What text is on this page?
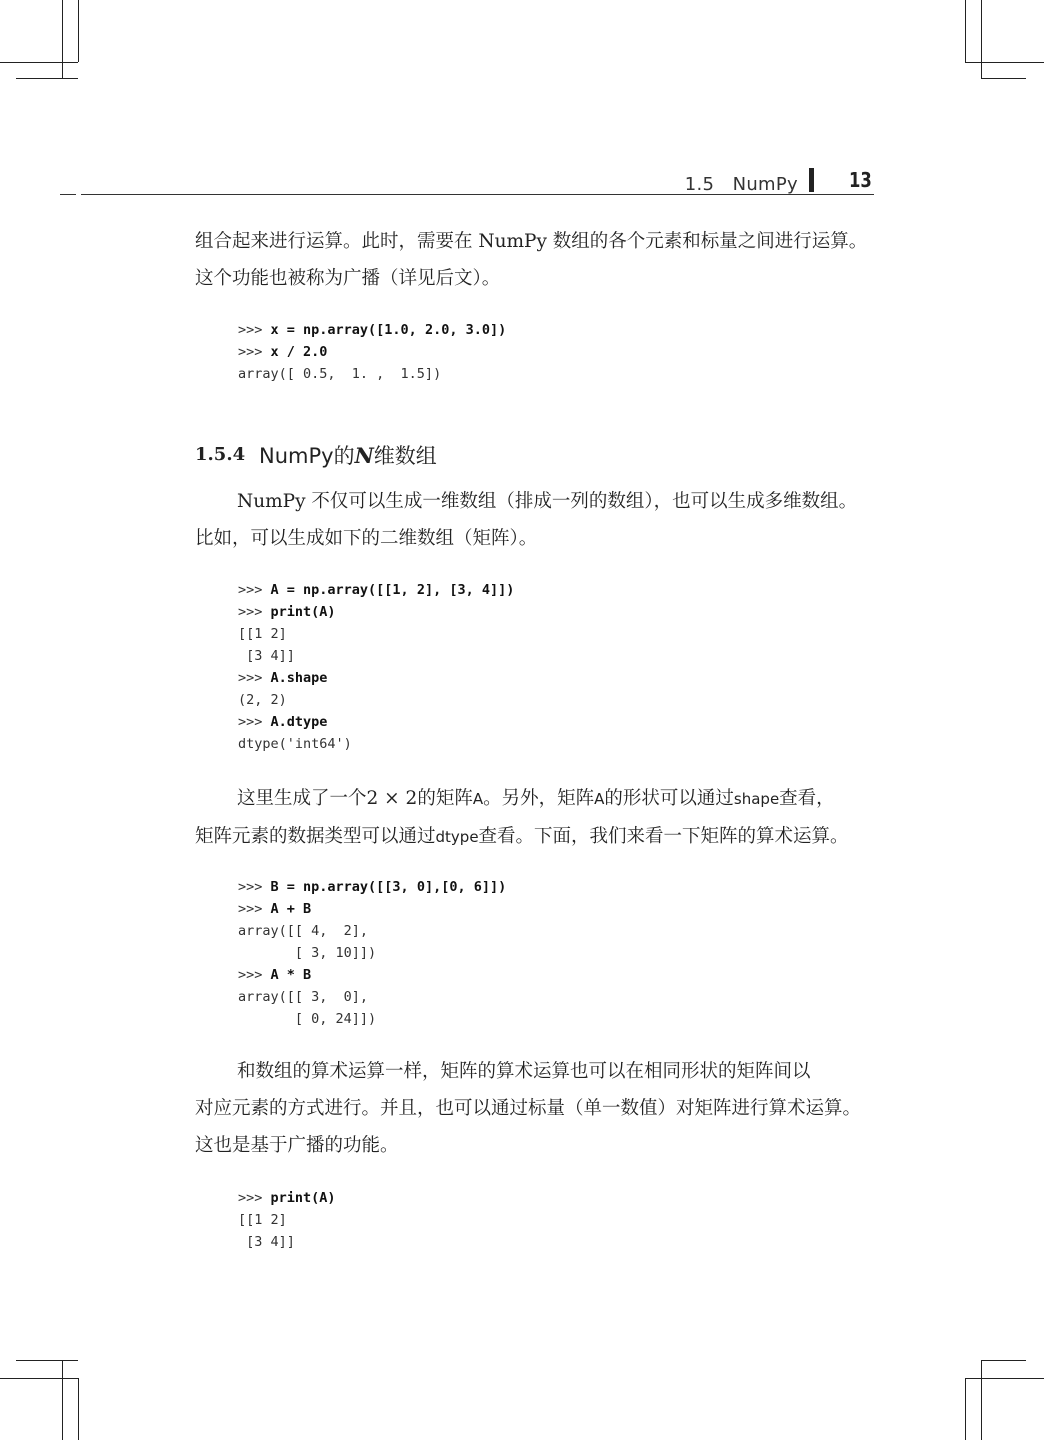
1.5　NumPy	13
组合起来进行运算。此时，需要在 NumPy 数组的各个元素和标量之间进行运算。
这个功能也被称为广播（详见后文）。
>>> x = np.array([1.0, 2.0, 3.0])
>>> x / 2.0
array([ 0.5,  1. ,  1.5])
1.5.4 NumPy的N维数组
NumPy 不仅可以生成一维数组（排成一列的数组），也可以生成多维数组。
比如，可以生成如下的二维数组（矩阵）。
>>> A = np.array([[1, 2], [3, 4]])
>>> print(A)
[[1 2]
[3 4]]
>>> A.shape
(2, 2)
>>> A.dtype
dtype('int64')
这里生成了一个2 × 2的矩阵A。另外，矩阵A的形状可以通过shape查看，
矩阵元素的数据类型可以通过dtype查看。下面，我们来看一下矩阵的算术运算。
>>> B = np.array([[3, 0],[0, 6]])
>>> A + B
array([[ 4,  2],
[ 3, 10]])
>>> A * B
array([[ 3,  0],
[ 0, 24]])
和数组的算术运算一样，矩阵的算术运算也可以在相同形状的矩阵间以
对应元素的方式进行。并且，也可以通过标量（单一数值）对矩阵进行算术运算。
这也是基于广播的功能。
>>> print(A)
[[1 2]
[3 4]]
